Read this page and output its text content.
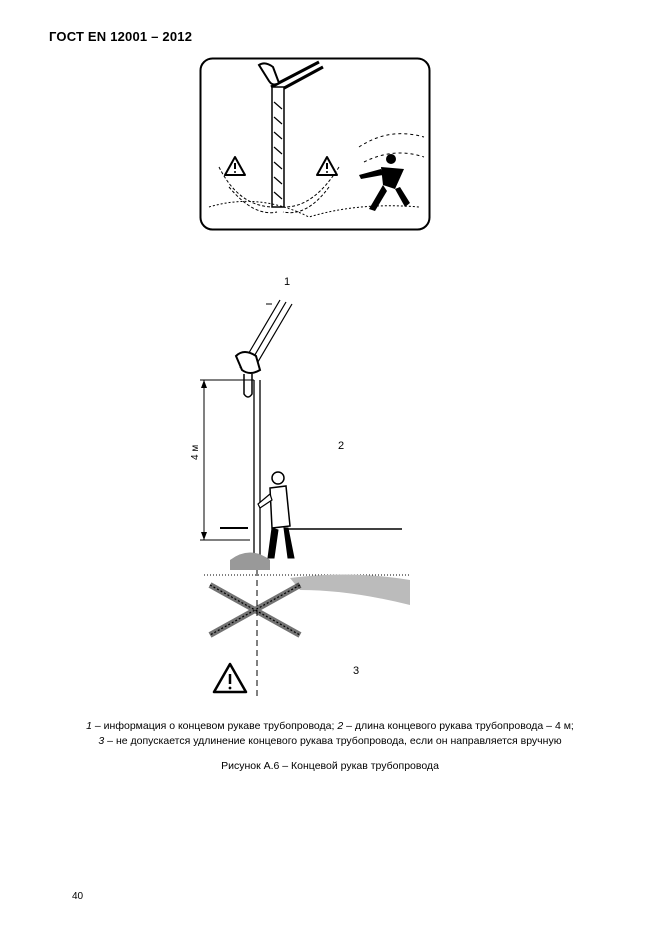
ГОСТ EN 12001 – 2012
1
2
3
4 м
1 – информация о концевом рукаве трубопровода; 2 – длина концевого рукава трубопровода – 4 м;
3 – не допускается удлинение концевого рукава трубопровода, если он направляется вручную
Рисунок А.6 – Концевой рукав трубопровода
40
